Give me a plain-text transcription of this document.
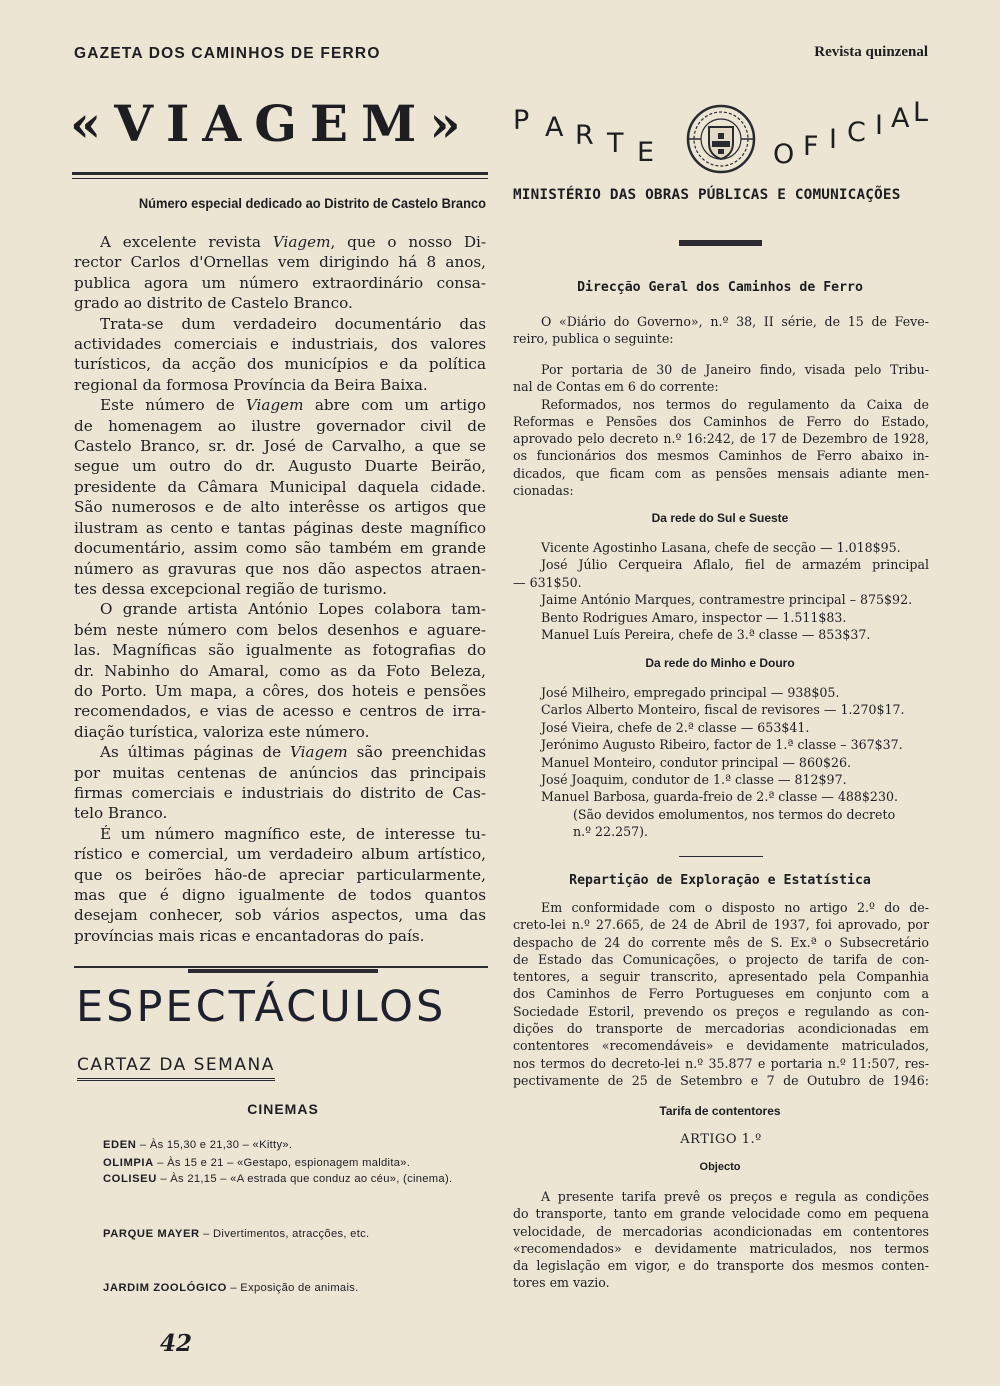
GAZETA DOS CAMINHOS DE FERRO	Revista quinzenal
«VIAGEM»
Número especial dedicado ao Distrito de Castelo Branco
A excelente revista Viagem, que o nosso Di-
rector Carlos d'Ornellas vem dirigindo há 8 anos,
publica agora um número extraordinário consa-
grado ao distrito de Castelo Branco.
Trata-se dum verdadeiro documentário das
actividades comerciais e industriais, dos valores
turísticos, da acção dos municípios e da política
regional da formosa Província da Beira Baixa.
Este número de Viagem abre com um artigo
de homenagem ao ilustre governador civil de
Castelo Branco, sr. dr. José de Carvalho, a que se
segue um outro do dr. Augusto Duarte Beirão,
presidente da Câmara Municipal daquela cidade.
São numerosos e de alto interêsse os artigos que
ilustram as cento e tantas páginas deste magnífico
documentário, assim como são também em grande
número as gravuras que nos dão aspectos atraen-
tes dessa excepcional região de turismo.
O grande artista António Lopes colabora tam-
bém neste número com belos desenhos e aguare-
las. Magníficas são igualmente as fotografias do
dr. Nabinho do Amaral, como as da Foto Beleza,
do Porto. Um mapa, a côres, dos hoteis e pensões
recomendados, e vias de acesso e centros de irra-
diação turística, valoriza este número.
As últimas páginas de Viagem são preenchidas
por muitas centenas de anúncios das principais
firmas comerciais e industriais do distrito de Cas-
telo Branco.
É um número magnífico este, de interesse tu-
rístico e comercial, um verdadeiro album artístico,
que os beirões hão-de apreciar particularmente,
mas que é digno igualmente de todos quantos
desejam conhecer, sob vários aspectos, uma das
províncias mais ricas e encantadoras do país.
ESPECTÁCULOS
CARTAZ DA SEMANA
CINEMAS
EDEN – Às 15,30 e 21,30 – «Kitty».
OLIMPIA – Às 15 e 21 – «Gestapo, espionagem maldita».
COLISEU – Às 21,15 – «A estrada que conduz ao céu», (cinema).
PARQUE MAYER – Divertimentos, atracções, etc.
JARDIM ZOOLÓGICO – Exposição de animais.
42
P A R T E	O F I C I A L
MINISTÉRIO DAS OBRAS PÚBLICAS E COMUNICAÇÕES
Direcção Geral dos Caminhos de Ferro
O «Diário do Governo», n.º 38, II série, de 15 de Feve-
reiro, publica o seguinte:
Por portaria de 30 de Janeiro findo, visada pelo Tribu-
nal de Contas em 6 do corrente:
Reformados, nos termos do regulamento da Caixa de
Reformas e Pensões dos Caminhos de Ferro do Estado,
aprovado pelo decreto n.º 16:242, de 17 de Dezembro de 1928,
os funcionários dos mesmos Caminhos de Ferro abaixo in-
dicados, que ficam com as pensões mensais adiante men-
cionadas:
Da rede do Sul e Sueste
Vicente Agostinho Lasana, chefe de secção — 1.018$95.
José Júlio Cerqueira Aflalo, fiel de armazém principal
— 631$50.
Jaime António Marques, contramestre principal – 875$92.
Bento Rodrigues Amaro, inspector — 1.511$83.
Manuel Luís Pereira, chefe de 3.ª classe — 853$37.
Da rede do Minho e Douro
José Milheiro, empregado principal — 938$05.
Carlos Alberto Monteiro, fiscal de revisores — 1.270$17.
José Vieira, chefe de 2.ª classe — 653$41.
Jerónimo Augusto Ribeiro, factor de 1.ª classe – 367$37.
Manuel Monteiro, condutor principal — 860$26.
José Joaquim, condutor de 1.ª classe — 812$97.
Manuel Barbosa, guarda-freio de 2.ª classe — 488$230.
(São devidos emolumentos, nos termos do decreto
n.º 22.257).
Repartição de Exploração e Estatística
Em conformidade com o disposto no artigo 2.º do de-
creto-lei n.º 27.665, de 24 de Abril de 1937, foi aprovado, por
despacho de 24 do corrente mês de S. Ex.ª o Subsecretário
de Estado das Comunicações, o projecto de tarifa de con-
tentores, a seguir transcrito, apresentado pela Companhia
dos Caminhos de Ferro Portugueses em conjunto com a
Sociedade Estoril, prevendo os preços e regulando as con-
dições do transporte de mercadorias acondicionadas em
contentores «recomendáveis» e devidamente matriculados,
nos termos do decreto-lei n.º 35.877 e portaria n.º 11:507, res-
pectivamente de 25 de Setembro e 7 de Outubro de 1946:
Tarifa de contentores
ARTIGO 1.º
Objecto
A presente tarifa prevê os preços e regula as condições
do transporte, tanto em grande velocidade como em pequena
velocidade, de mercadorias acondicionadas em contentores
«recomendados» e devidamente matriculados, nos termos
da legislação em vigor, e do transporte dos mesmos conten-
tores em vazio.
